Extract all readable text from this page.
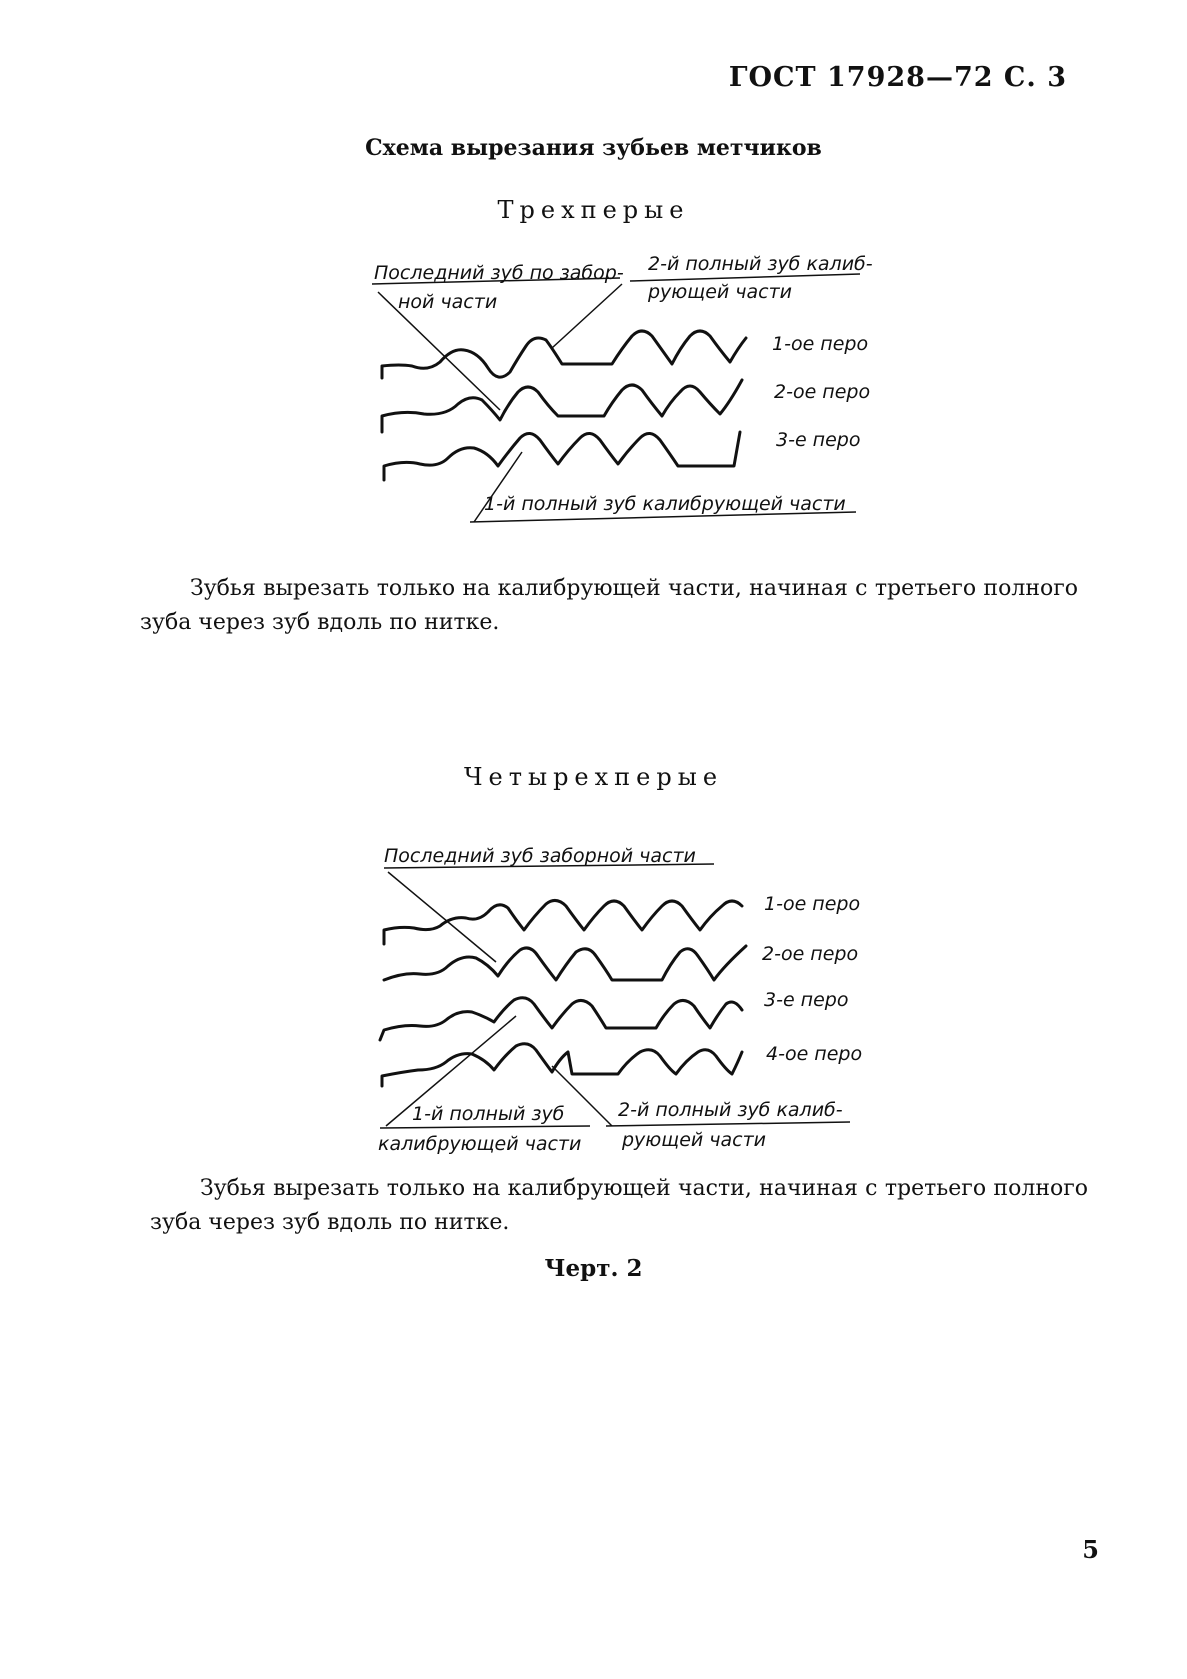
ГОСТ 17928—72 С. 3
Схема вырезания зубьев метчиков
Трехперые
Последний зуб по забор-
ной части
2-й полный зуб калиб-
рующей части
1-й полный зуб калибрующей части
1-ое перо
2-ое перо
3-е перо
Последний зуб заборной части
1-й полный зуб
калибрующей части
2-й полный зуб калиб-
рующей части
1-ое перо
2-ое перо
3-е перо
4-ое перо
Зубья вырезать только на калибрующей части, начиная с третьего полного зуба через зуб вдоль по нитке.
Четырехперые
Зубья вырезать только на калибрующей части, начиная с третьего полного зуба через зуб вдоль по нитке.
Черт. 2
5
